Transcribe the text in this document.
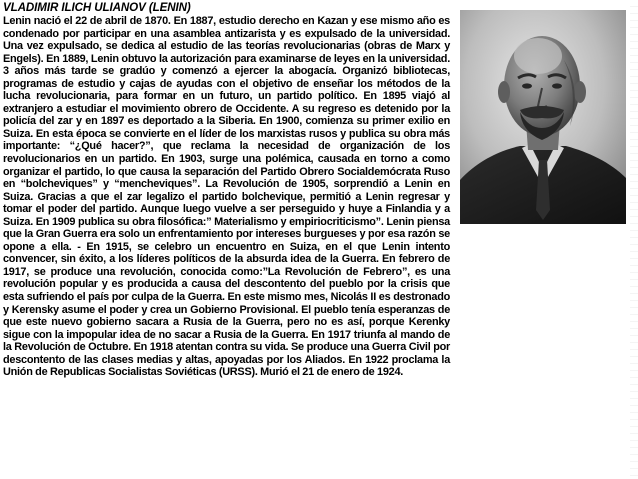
VLADIMIR ILICH ULIANOV (LENIN)

Lenin nació el 22 de abril de 1870. En 1887, estudio derecho en Kazan y ese mismo año es condenado por participar en una asamblea antizarista y es expulsado de la universidad. Una vez expulsado, se dedica al estudio de las teorías revolucionarias (obras de Marx y Engels). En 1889, Lenin obtuvo la autorización para examinarse de leyes en la universidad. 3 años más tarde se gradúo y comenzó a ejercer la abogacía. Organizó bibliotecas, programas de estudio y cajas de ayudas con el objetivo de enseñar los métodos de la lucha revolucionaria, para formar en un futuro, un partido político. En 1895 viajó al extranjero a estudiar el movimiento obrero de Occidente. A su regreso es detenido por la policía del zar y en 1897 es deportado a la Siberia. En 1900, comienza su primer exilio en Suiza. En esta época se convierte en el líder de los marxistas rusos y publica su obra más importante: “¿Qué hacer?”, que reclama la necesidad de organización de los revolucionarios en un partido. En 1903, surge una polémica, causada en torno a como organizar el partido, lo que causa la separación del Partido Obrero Socialdemócrata Ruso en “bolcheviques” y “mencheviques”. La Revolución de 1905, sorprendió a Lenin en Suiza. Gracias a que el zar legalizo el partido bolchevique, permitió a Lenin regresar y tomar el poder del partido. Aunque luego vuelve a ser perseguido y huye a Finlandia y a Suiza. En 1909 publica su obra filosófica:” Materialismo y empiriocriticismo”. Lenin piensa que la Gran Guerra era solo un enfrentamiento por intereses burgueses y por esa razón se opone a ella. - En 1915, se celebro un encuentro en Suiza, en el que Lenin intento convencer, sin éxito, a los líderes políticos de la absurda idea de la Guerra. En febrero de 1917, se produce una revolución, conocida como:”La Revolución de Febrero”, es una revolución popular y es producida a causa del descontento del pueblo por la crisis que esta sufriendo el país por culpa de la Guerra. En este mismo mes, Nicolás II es destronado y Kerensky asume el poder y crea un Gobierno Provisional. El pueblo tenía esperanzas de que este nuevo gobierno sacara a Rusia de la Guerra, pero no es así, porque Kerenky sigue con la impopular idea de no sacar a Rusia de la Guerra. En 1917 triunfa al mando de la Revolución de Octubre. En 1918 atentan contra su vida. Se produce una Guerra Civil por descontento de las clases medias y altas, apoyadas por los Aliados. En 1922 proclama la Unión de Republicas Socialistas Soviéticas (URSS). Murió el 21 de enero de 1924.
